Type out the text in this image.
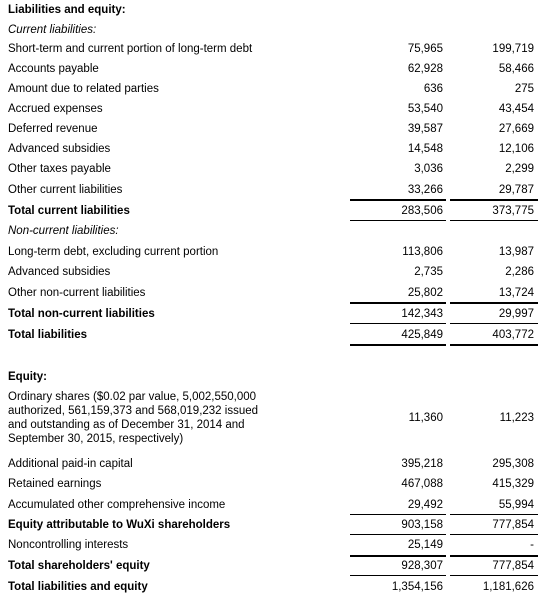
Liabilities and equity:
Current liabilities:
Short-term and current portion of long-term debt	75,965	199,719
Accounts payable	62,928	58,466
Amount due to related parties	636	275
Accrued expenses	53,540	43,454
Deferred revenue	39,587	27,669
Advanced subsidies	14,548	12,106
Other taxes payable	3,036	2,299
Other current liabilities	33,266	29,787
Total current liabilities	283,506	373,775
Non-current liabilities:
Long-term debt, excluding current portion	113,806	13,987
Advanced subsidies	2,735	2,286
Other non-current liabilities	25,802	13,724
Total non-current liabilities	142,343	29,997
Total liabilities	425,849	403,772
Equity:
Ordinary shares ($0.02 par value, 5,002,550,000 authorized, 561,159,373 and 568,019,232 issued and outstanding as of December 31, 2014 and September 30, 2015, respectively)
11,360	11,223
Additional paid-in capital	395,218	295,308
Retained earnings	467,088	415,329
Accumulated other comprehensive income	29,492	55,994
Equity attributable to WuXi shareholders	903,158	777,854
Noncontrolling interests	25,149	-
Total shareholders' equity	928,307	777,854
Total liabilities and equity	1,354,156	1,181,626
